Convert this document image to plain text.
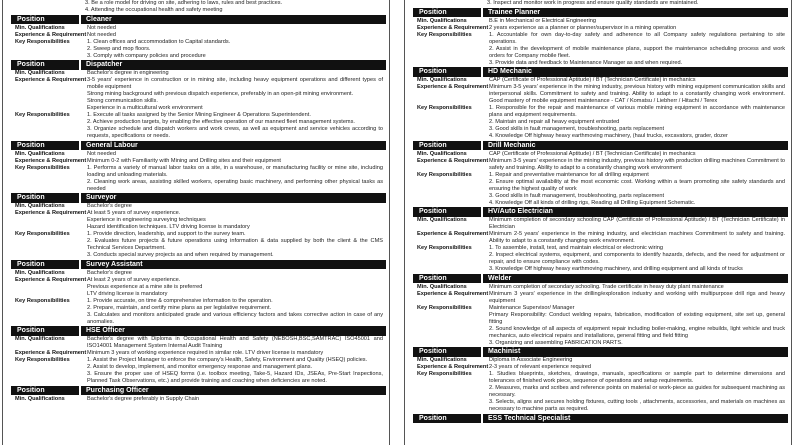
3. Be a role model for driving on site, adhering to laws, rules and best practices.
4. Attending the occupational health and safety meeting
Position	Cleaner
Min. Qualifications	Not needed
Experience & Requirement Not needed
Key Responsibilities	1. Clean offices and accommodation to Capital standards.
2. Sweep and mop floors.
3. Comply with company policies and procedure
Position	Dispatcher
Min. Qualifications	Bachelor's degree in engineering
Experience & Requirement 3-5 years' experience in construction or in mining site, including heavy equipment operations and different types of mobile equipment
Strong mining background with previous dispatch experience, preferably in an open-pit mining environment.
Strong communication skills.
Experience in a multicultural work environment
Key Responsibilities	1. Execute all tasks assigned by the Senior Mining Engineer & Operations Superintendent.
2. Achieve production targets, by enabling the effective operation of our manned fleet management systems.
3. Organize schedule and dispatch workers and work crews, as well as equipment and service vehicles according to requests, specifications or needs.
Position	General Labour
Min. Qualifications	Not needed
Experience & Requirement Minimum 0-2 with Familiarity with Mining and Drilling sites and their equipment
Key Responsibilities	1. Performs a variety of manual labor tasks on a site, in a warehouse, or manufacturing facility or mine site, including loading and unloading materials.
2. Cleaning work areas, assisting skilled workers, operating basic machinery, and performing other physical tasks as needed
Position	Surveyor
Min. Qualifications	Bachelor's degree
Experience & Requirement At least 5 years of survey experience.
Experience in engineering surveying techniques
Hazard identification techniques. LTV driving license is mandatory
Key Responsibilities	1. Provide direction, leadership, and support to the survey team.
2. Evaluates future projects & future operations using information & data supplied by both the client & the CMS Technical Services Department.
3. Conducts special survey projects as and when required by management.
Position	Survey Assistant
Min. Qualifications	Bachelor's degree
Experience & Requirement At least 2 years of survey experience.
Previous experience at a mine site is preferred
LTV driving license is mandatory
Key Responsibilities	1. Provide accurate, on time & comprehensive information to the operation.
2. Prepare, maintain, and certify mine plans as per legislative requirement.
3. Calculates and monitors anticipated grade and various efficiency factors and takes corrective action in case of any anomalies.
Position	HSE Officer
Min. Qualifications	Bachelor's degree with Diploma in Occupational Health and Safety (NEBOSH,BSC,SAMTRAC) ISO45001 and ISO14001 Management System Internal Audit Training
Experience & Requirement Minimum 3 years of working experience required in similar role. LTV driver license is mandatory
Key Responsibilities	1. Assist the Project Manager to enforce the company's Health, Safety, Environment and Quality (HSEQ) policies.
2. Assist to develop, implement, and monitor emergency response and management plans.
3. Ensure the proper use of HSEQ forms (i.e. toolbox meeting, Take-5, Hazard IDs, JSEAs, Pre-Start Inspections, Planned Task Observations, etc.) and provide training and coaching when deficiencies are noted.
Position	Purchasing Officer
Min. Qualifications	Bachelor's degree preferably in Supply Chain
3. Inspect and monitor work in progress and ensure quality standards are maintained.
Position	Trainee Planner
Min. Qualifications	B.E in Mechanical or Electrical Engineering
Experience & Requirement 2 years experience as a planner or planner/supervisor in a mining operation
Key Responsibilities	1. Accountable for own day-to-day safety and adherence to all Company safety regulations pertaining to site operations.
2. Assist in the development of mobile maintenance plans, support the maintenance scheduling process and work orders for Company mobile fleet.
3. Provide data and feedback to Maintenance Manager as and when required.
Position	HD Mechanic
Min. Qualifications	CAP (Certificate of Professional Aptitude) / BT (Technician Certificate) in mechanics
Experience & Requirement Minimum 3-5 years' experience in the mining industry, previous history with mining equipment communication skills and interpersonal skills. Commitment to safety and training. Ability to adapt to a constantly changing work environment. Good mastery of mobile equipment maintenance - CAT / Komatsu / Liebherr / Hitachi / Terex
Key Responsibilities	1. Responsible for the repair and maintenance of various mobile mining equipment in accordance with maintenance plans and equipment requirements.
2. Maintain and repair all heavy equipment entrusted
3. Good skills in fault management, troubleshooting, parts replacement
4. Knowledge Off highway heavy earthmoving machinery, (haul trucks, excavators, grader, dozer
Position	Drill Mechanic
Min. Qualifications	CAP (Certificate of Professional Aptitude) / BT (Technician Certificate) in mechanics
Experience & Requirement Minimum 3-5 years' experience in the mining industry, previous history with production drilling machines Commitment to safety and training. Ability to adapt to a constantly changing work environment
Key Responsibilities	1. Repair and preventative maintenance for all drilling equipment
2. Ensure optimal availability at the most economic cost. Working within a team promoting site safety standards and ensuring the highest quality of work
3. Good skills in fault management, troubleshooting, parts replacement
4. Knowledge Off all kinds of drilling rigs, Reading all Drilling Equipment Schematic.
Position	HV/Auto Electrician
Min. Qualifications	Minimum completion of secondary schooling CAP (Certificate of Professional Aptitude) / BT (Technician Certificate) in Electrician
Experience & Requirement Minimum 2-5 years' experience in the mining industry, and electrician machines Commitment to safety and training. Ability to adapt to a constantly changing work environment.
Key Responsibilities	1. To assemble, install, test, and maintain electrical or electronic wiring
2. Inspect electrical systems, equipment, and components to identify hazards, defects, and the need for adjustment or repair, and to ensure compliance with codes.
3. Knowledge Off highway heavy earthmoving machinery, and drilling equipment and all kinds of trucks
Position	Welder
Min. Qualifications	Minimum completion of secondary schooling. Trade certificate in heavy duty plant maintenance
Experience & Requirement Minimum 3 years' experience in the drilling/exploration industry and working with multipurpose drill rigs and heavy equipment
Key Responsibilities	Maintenance Supervisor/ Manager
Primary Responsibility: Conduct welding repairs, fabrication, modification of existing equipment, site set up, general fitting
2. Sound knowledge of all aspects of equipment repair including boiler-making, engine rebuilds, light vehicle and truck mechanics, auto electrical repairs and installations, general fitting and field fitting
3. Organizing and assembling FABRICATION PARTS.
Position	Machinist
Min. Qualifications	Diploma in Associate Engineering
Experience & Requirement 2-3 years of relevant experience required
Key Responsibilities	1. Studies blueprints, sketches, drawings, manuals, specifications or sample part to determine dimensions and tolerances of finished work piece, sequence of operations and setup requirements.
2. Measures, marks and scribes and reference points on material or work-piece as guides for subsequent machining as necessary.
3. Selects, aligns and secures holding fixtures, cutting tools , attachments, accessories, and materials on machines as necessary to machine parts as required.
Position	ESS Technical Specialist
